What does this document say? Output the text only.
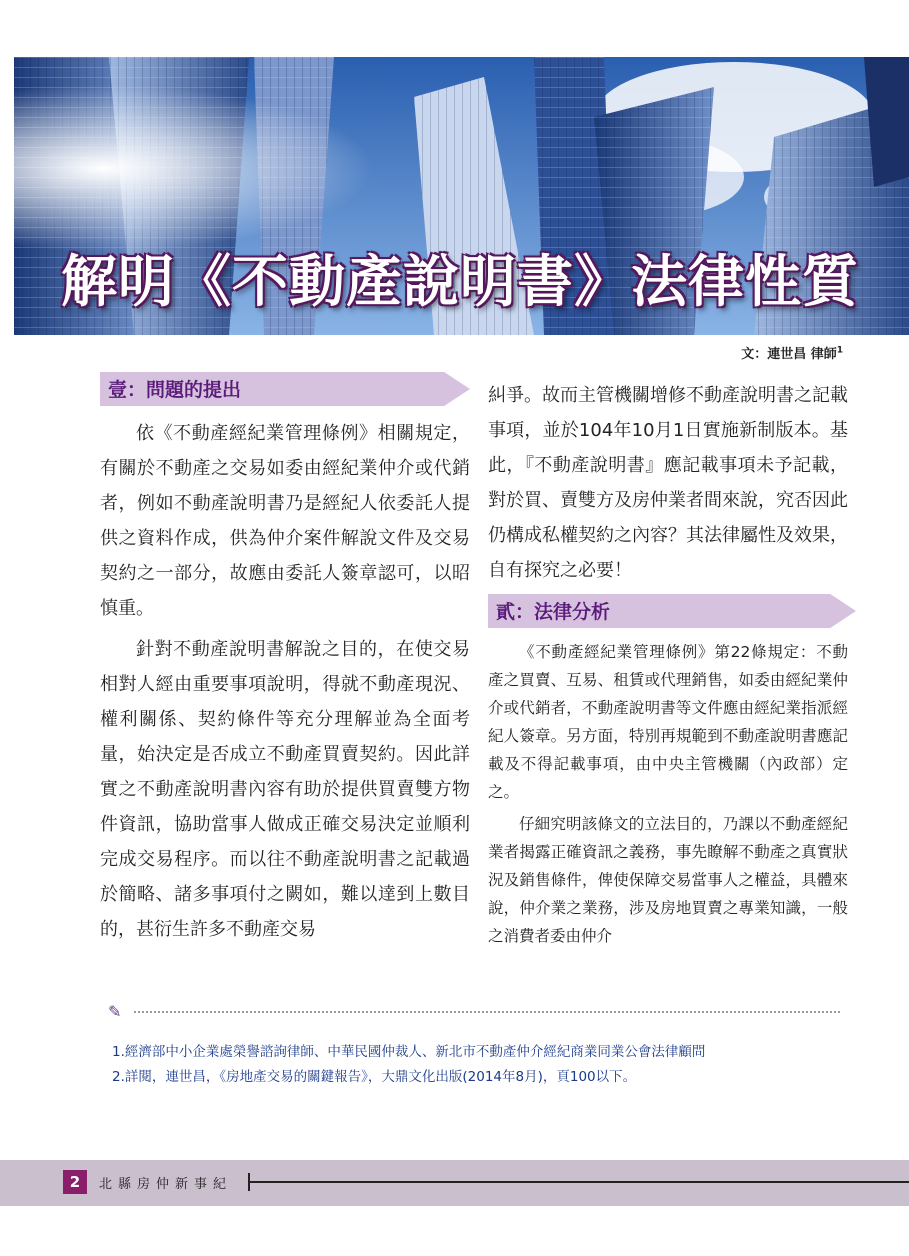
解明《不動產說明書》法律性質
文：連世昌 律師$^1$
壹：問題的提出

依《不動產經紀業管理條例》相關規定，有關於不動產之交易如委由經紀業仲介或代銷者，例如不動產說明書乃是經紀人依委託人提供之資料作成，供為仲介案件解說文件及交易契約之一部分，故應由委託人簽章認可，以昭慎重。

針對不動產說明書解說之目的，在使交易相對人經由重要事項說明，得就不動產現況、權利關係、契約條件等充分理解並為全面考量，始決定是否成立不動產買賣契約。因此詳實之不動產說明書內容有助於提供買賣雙方物件資訊，協助當事人做成正確交易決定並順利完成交易程序。而以往不動產說明書之記載過於簡略、諸多事項付之闕如，難以達到上數目的，甚衍生許多不動產交易

糾爭。故而主管機關增修不動產說明書之記載事項，並於104年10月1日實施新制版本。基此，『不動產說明書』應記載事項未予記載，對於買、賣雙方及房仲業者間來說，究否因此仍構成私權契約之內容？其法律屬性及效果，自有探究之必要！

貳：法律分析

《不動產經紀業管理條例》第22條規定：不動產之買賣、互易、租賃或代理銷售，如委由經紀業仲介或代銷者，不動產說明書等文件應由經紀業指派經紀人簽章。另方面，特別再規範到不動產說明書應記載及不得記載事項，由中央主管機關（內政部）定之。

仔細究明該條文的立法目的，乃課以不動產經紀業者揭露正確資訊之義務，事先瞭解不動產之真實狀況及銷售條件，俾使保障交易當事人之權益，具體來說，仲介業之業務，涉及房地買賣之專業知識，一般之消費者委由仲介

✎
1.經濟部中小企業處榮譽諮詢律師、中華民國仲裁人、新北市不動產仲介經紀商業同業公會法律顧問
2.詳閱，連世昌，《房地產交易的關鍵報告》，大鼎文化出版(2014年8月)，頁100以下。
2	北縣房仲新事紀
